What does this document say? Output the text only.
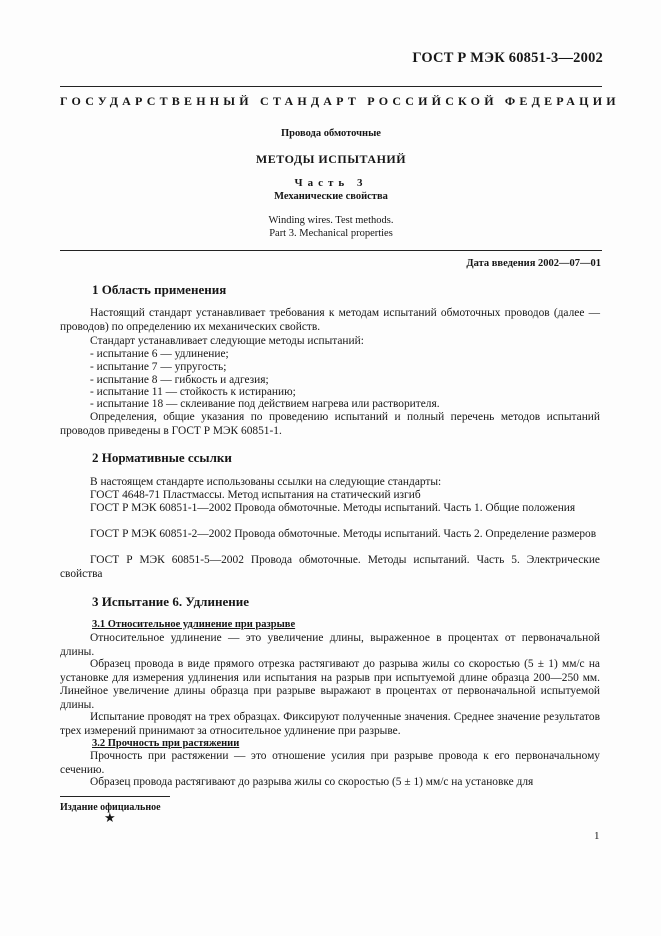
ГОСТ Р МЭК 60851-3—2002
ГОСУДАРСТВЕННЫЙ СТАНДАРТ РОССИЙСКОЙ ФЕДЕРАЦИИ
Провода обмоточные
МЕТОДЫ ИСПЫТАНИЙ
Часть 3
Механические свойства
Winding wires. Test methods.
Part 3. Mechanical properties
Дата введения 2002—07—01
1 Область применения
Настоящий стандарт устанавливает требования к методам испытаний обмоточных проводов (далее — проводов) по определению их механических свойств.
Стандарт устанавливает следующие методы испытаний:
- испытание 6 — удлинение;
- испытание 7 — упругость;
- испытание 8 — гибкость и адгезия;
- испытание 11 — стойкость к истиранию;
- испытание 18 — склеивание под действием нагрева или растворителя.
Определения, общие указания по проведению испытаний и полный перечень методов испытаний проводов приведены в ГОСТ Р МЭК 60851-1.
2 Нормативные ссылки
В настоящем стандарте использованы ссылки на следующие стандарты:
ГОСТ 4648-71 Пластмассы. Метод испытания на статический изгиб
ГОСТ Р МЭК 60851-1—2002 Провода обмоточные. Методы испытаний. Часть 1. Общие положения
ГОСТ Р МЭК 60851-2—2002 Провода обмоточные. Методы испытаний. Часть 2. Определение размеров
ГОСТ Р МЭК 60851-5—2002 Провода обмоточные. Методы испытаний. Часть 5. Электрические свойства
3 Испытание 6. Удлинение
3.1 Относительное удлинение при разрыве
Относительное удлинение — это увеличение длины, выраженное в процентах от первоначальной длины.
Образец провода в виде прямого отрезка растягивают до разрыва жилы со скоростью (5 ± 1) мм/с на установке для измерения удлинения или испытания на разрыв при испытуемой длине образца 200—250 мм. Линейное увеличение длины образца при разрыве выражают в процентах от первоначальной испытуемой длины.
Испытание проводят на трех образцах. Фиксируют полученные значения. Среднее значение результатов трех измерений принимают за относительное удлинение при разрыве.
3.2 Прочность при растяжении
Прочность при растяжении — это отношение усилия при разрыве провода к его первоначальному сечению.
Образец провода растягивают до разрыва жилы со скоростью (5 ± 1) мм/с на установке для
Издание официальное
★
1
